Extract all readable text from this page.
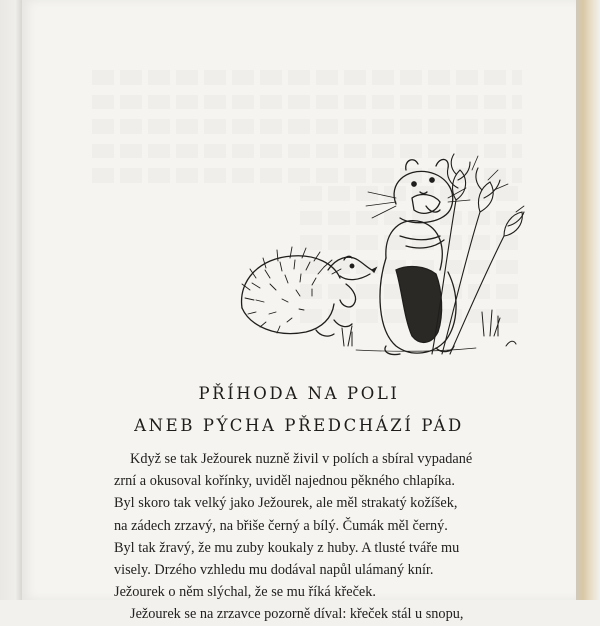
PŘÍHODA NA POLI
ANEB PÝCHA PŘEDCHÁZÍ PÁD
Když se tak Ježourek nuzně živil v polích a sbíral vypadané
zrní a okusoval kořínky, uviděl najednou pěkného chlapíka.
Byl skoro tak velký jako Ježourek, ale měl strakatý kožíšek,
na zádech zrzavý, na břiše černý a bílý. Čumák měl černý.
Byl tak žravý, že mu zuby koukaly z huby. A tlusté tváře mu
visely. Drzého vzhledu mu dodával napůl ulámaný knír.
Ježourek o něm slýchal, že se mu říká křeček.
Ježourek se na zrzavce pozorně díval: křeček stál u snopu,
